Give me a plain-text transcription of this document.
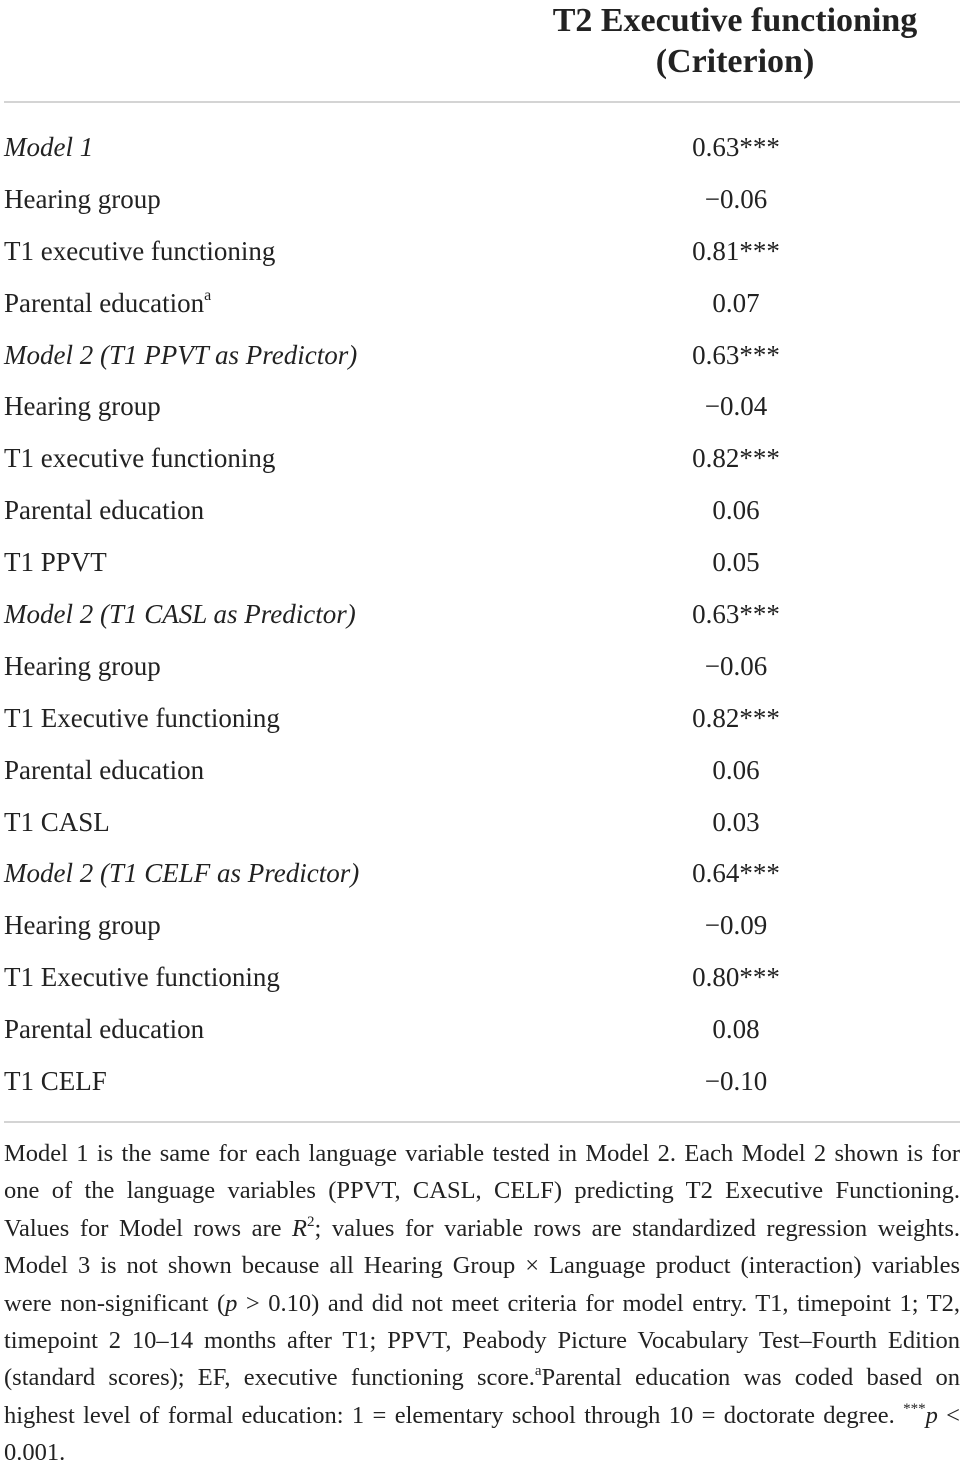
T2 Executive functioning
(Criterion)
Model 1	0.63***
Hearing group	−0.06
T1 executive functioning	0.81***
Parental education$^a$	0.07
Model 2 (T1 PPVT as Predictor)	0.63***
Hearing group	−0.04
T1 executive functioning	0.82***
Parental education	0.06
T1 PPVT	0.05
Model 2 (T1 CASL as Predictor)	0.63***
Hearing group	−0.06
T1 Executive functioning	0.82***
Parental education	0.06
T1 CASL	0.03
Model 2 (T1 CELF as Predictor)	0.64***
Hearing group	−0.09
T1 Executive functioning	0.80***
Parental education	0.08
T1 CELF	−0.10

Model 1 is the same for each language variable tested in Model 2. Each Model 2 shown is for one of the language variables (PPVT, CASL, CELF) predicting T2 Executive Functioning. Values for Model rows are $R^2$; values for variable rows are standardized regression weights. Model 3 is not shown because all Hearing Group × Language product (interaction) variables were non-significant (p > 0.10) and did not meet criteria for model entry. T1, timepoint 1; T2, timepoint 2 10–14 months after T1; PPVT, Peabody Picture Vocabulary Test–Fourth Edition (standard scores); EF, executive functioning score.$^a$Parental education was coded based on highest level of formal education: 1 = elementary school through 10 = doctorate degree. ***p < 0.001.
